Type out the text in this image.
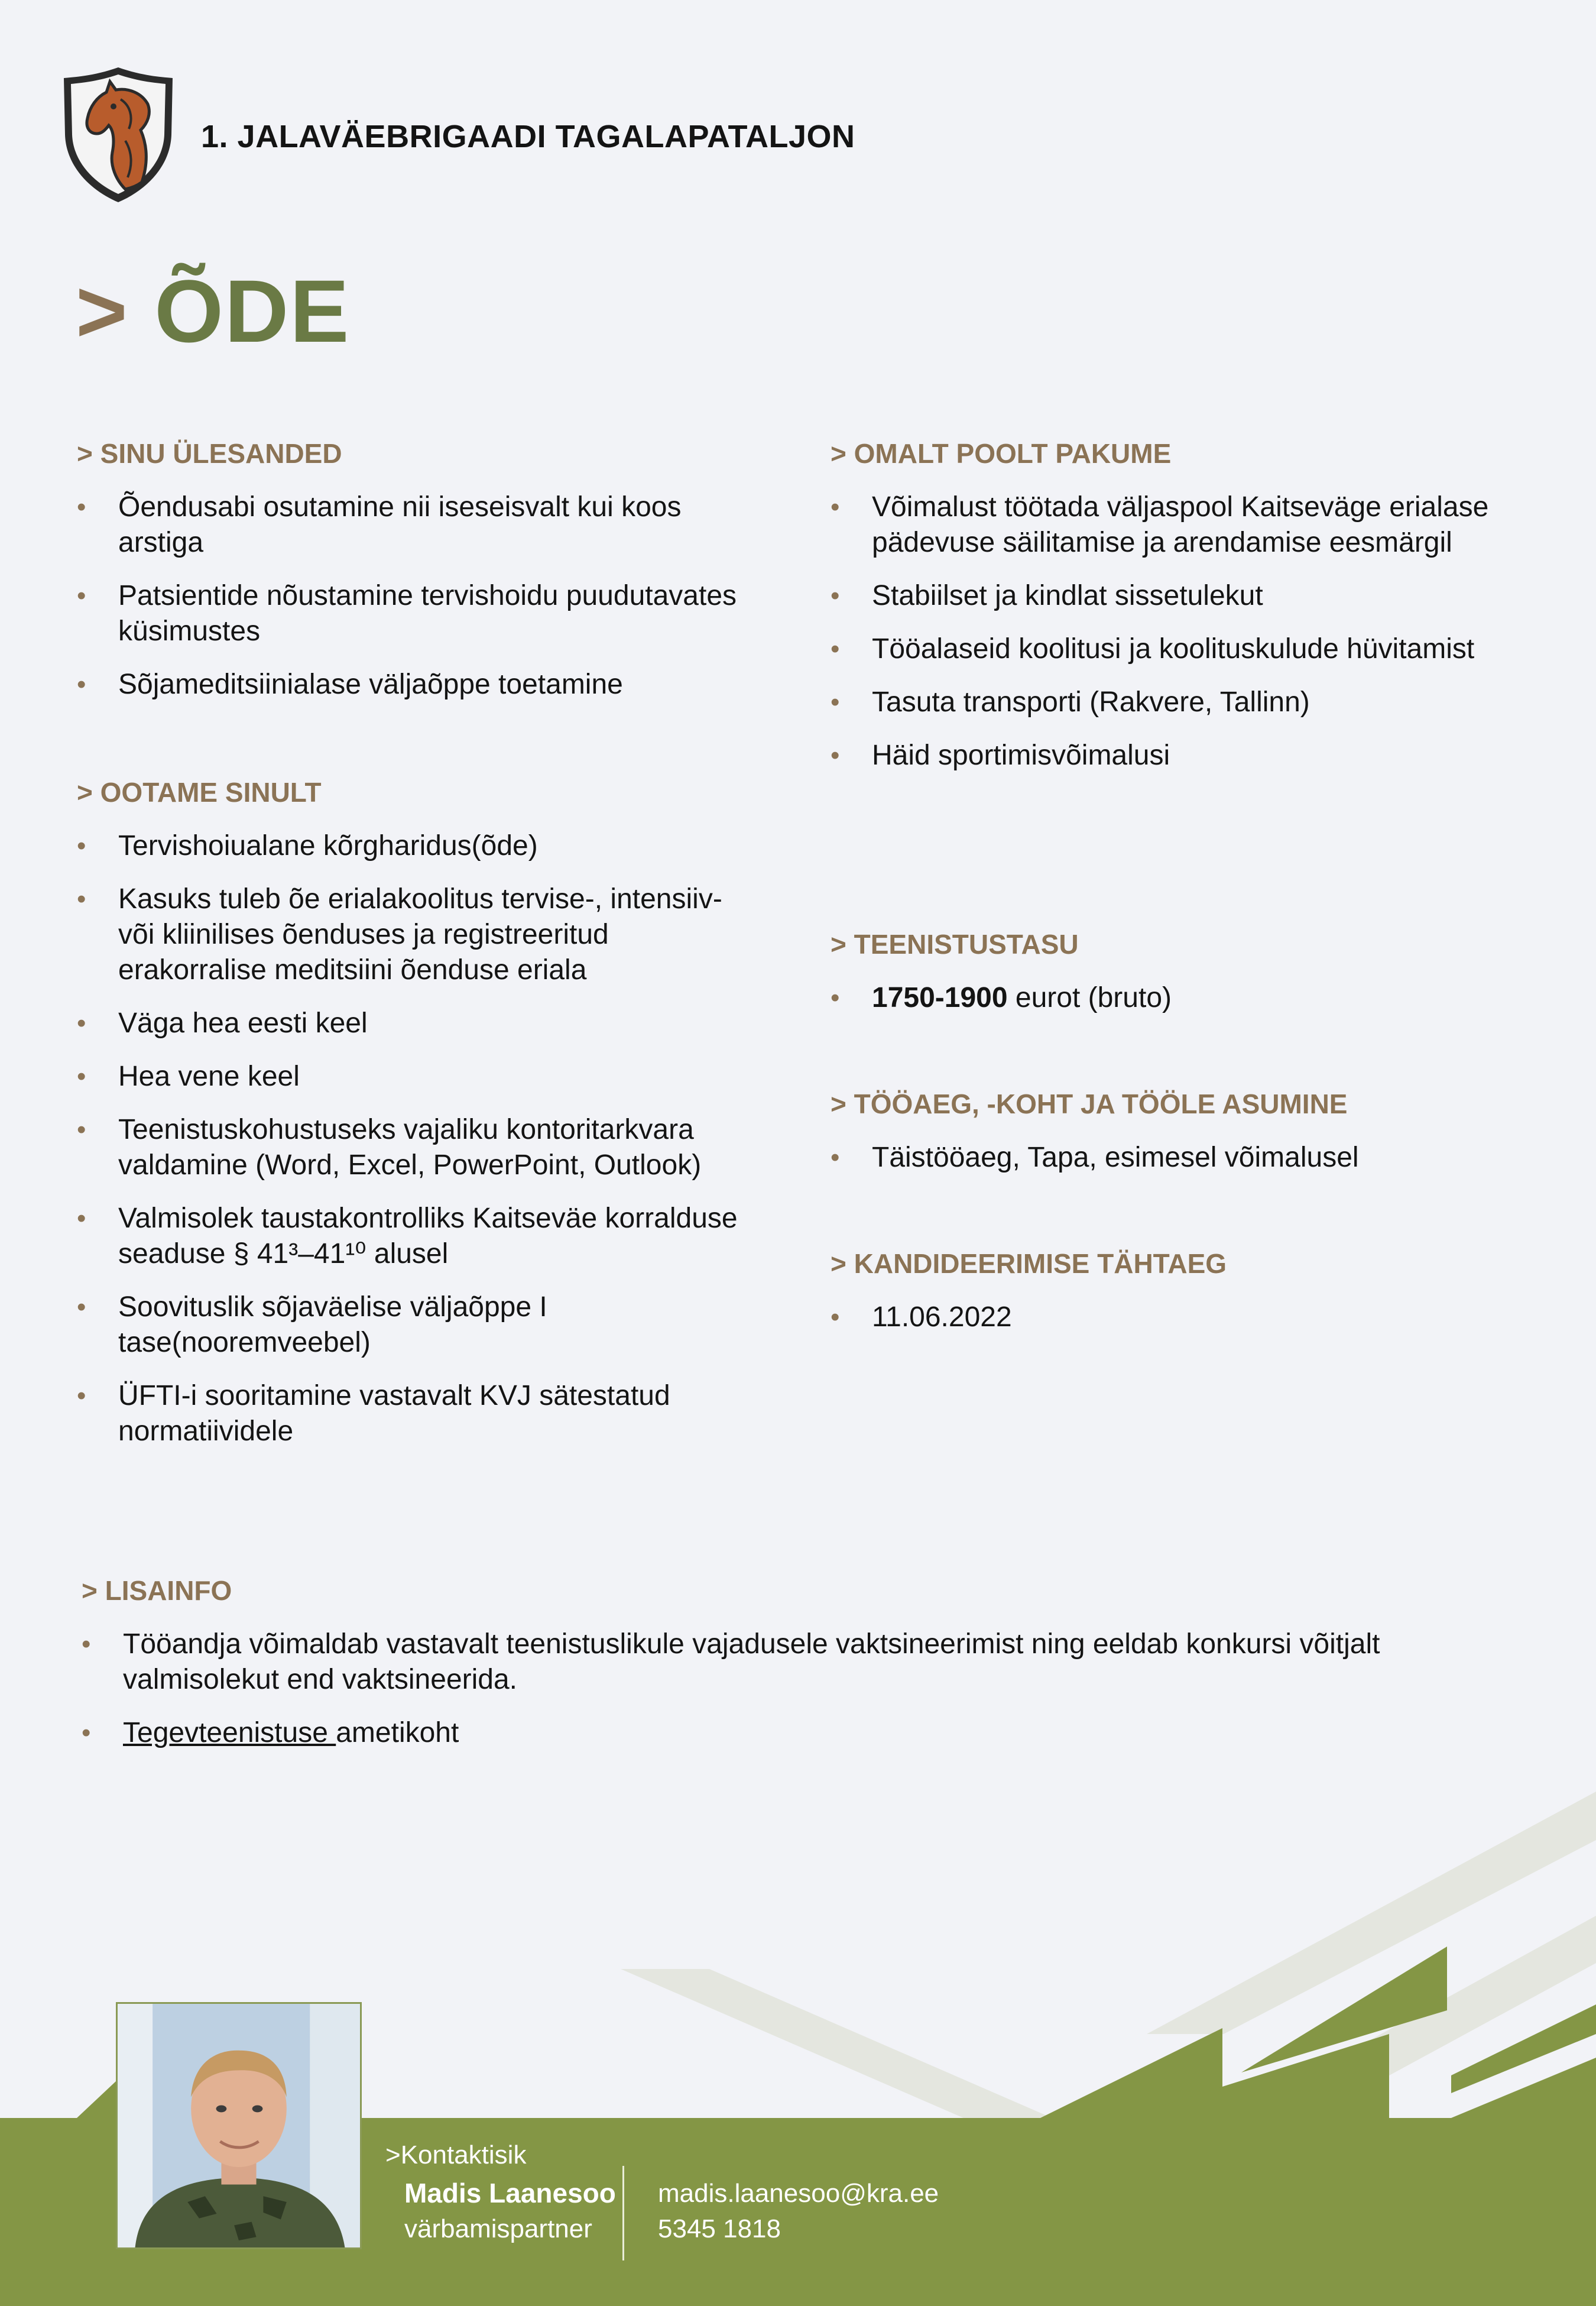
1. JALAVÄEBRIGAADI TAGALAPATALJON
> ÕDE
> SINU ÜLESANDED
• Õendusabi osutamine nii iseseisvalt kui koos arstiga
• Patsientide nõustamine tervishoidu puudutavates küsimustes
• Sõjameditsiinialase väljaõppe toetamine
> OOTAME SINULT
• Tervishoiualane kõrgharidus(õde)
• Kasuks tuleb õe erialakoolitus tervise-, intensiiv- või kliinilises õenduses ja registreeritud erakorralise meditsiini õenduse eriala
• Väga hea eesti keel
• Hea vene keel
• Teenistuskohustuseks vajaliku kontoritarkvara valdamine (Word, Excel, PowerPoint, Outlook)
• Valmisolek taustakontrolliks Kaitseväe korralduse seaduse § 41³–41¹⁰ alusel
• Soovituslik sõjaväelise väljaõppe I tase(nooremveebel)
• ÜFTI-i sooritamine vastavalt KVJ sätestatud normatiividele
> OMALT POOLT PAKUME
• Võimalust töötada väljaspool Kaitseväge erialase pädevuse säilitamise ja arendamise eesmärgil
• Stabiilset ja kindlat sissetulekut
• Tööalaseid koolitusi ja koolituskulude hüvitamist
• Tasuta transporti (Rakvere, Tallinn)
• Häid sportimisvõimalusi
> TEENISTUSTASU
• 1750-1900 eurot (bruto)
> TÖÖAEG, -KOHT JA TÖÖLE ASUMINE
• Täistööaeg, Tapa, esimesel võimalusel
> KANDIDEERIMISE TÄHTAEG
• 11.06.2022
> LISAINFO
• Tööandja võimaldab vastavalt teenistuslikule vajadusele vaktsineerimist ning eeldab konkursi võitjalt valmisolekut end vaktsineerida.
• Tegevteenistuse ametikoht
>Kontaktisik
Madis Laanesoo
värbamispartner
madis.laanesoo@kra.ee
5345 1818
